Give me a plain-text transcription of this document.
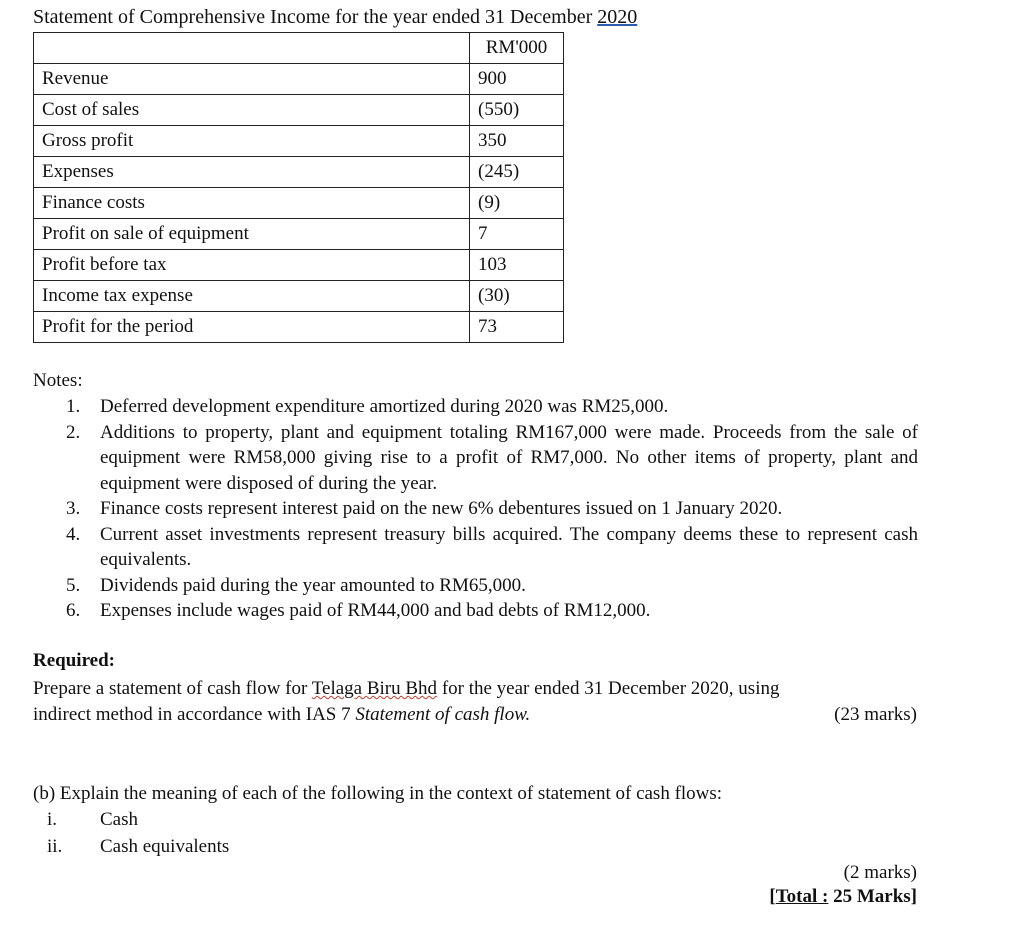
Statement of Comprehensive Income for the year ended 31 December 2020
	RM'000
Revenue	900
Cost of sales	(550)
Gross profit	350
Expenses	(245)
Finance costs	(9)
Profit on sale of equipment	7
Profit before tax	103
Income tax expense	(30)
Profit for the period	73
Notes:
1. Deferred development expenditure amortized during 2020 was RM25,000.
2. Additions to property, plant and equipment totaling RM167,000 were made. Proceeds from the sale of equipment were RM58,000 giving rise to a profit of RM7,000. No other items of property, plant and equipment were disposed of during the year.
3. Finance costs represent interest paid on the new 6% debentures issued on 1 January 2020.
4. Current asset investments represent treasury bills acquired. The company deems these to represent cash equivalents.
5. Dividends paid during the year amounted to RM65,000.
6. Expenses include wages paid of RM44,000 and bad debts of RM12,000.
Required:
Prepare a statement of cash flow for Telaga Biru Bhd for the year ended 31 December 2020, using
indirect method in accordance with IAS 7 Statement of cash flow.	(23 marks)
(b) Explain the meaning of each of the following in the context of statement of cash flows:
i. Cash
ii. Cash equivalents
(2 marks)
[Total : 25 Marks]
